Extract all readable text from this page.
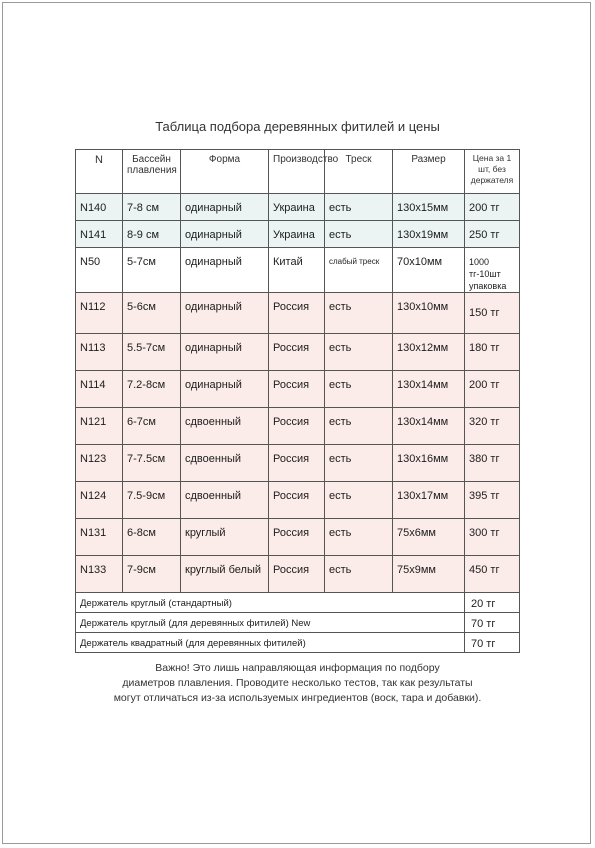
Таблица подбора деревянных фитилей и цены
N	Бассейн плавления	Форма	Производство	Треск	Размер	Цена за 1 шт, без держателя
N140	7-8 см	одинарный	Украина	есть	130х15мм	200 тг
N141	8-9 см	одинарный	Украина	есть	130х19мм	250 тг
N50	5-7см	одинарный	Китай	слабый треск	70х10мм	1000 тг-10шт упаковка
N112	5-6см	одинарный	Россия	есть	130х10мм	150 тг
N113	5.5-7см	одинарный	Россия	есть	130х12мм	180 тг
N114	7.2-8см	одинарный	Россия	есть	130х14мм	200 тг
N121	6-7см	сдвоенный	Россия	есть	130х14мм	320 тг
N123	7-7.5см	сдвоенный	Россия	есть	130х16мм	380 тг
N124	7.5-9см	сдвоенный	Россия	есть	130х17мм	395 тг
N131	6-8см	круглый	Россия	есть	75х6мм	300 тг
N133	7-9см	круглый белый	Россия	есть	75х9мм	450 тг
Держатель круглый (стандартный)						20 тг
Держатель круглый (для деревянных фитилей) New						70 тг
Держатель квадратный (для деревянных фитилей)						70 тг
Важно! Это лишь направляющая информация по подбору
диаметров плавления. Проводите несколько тестов, так как результаты
могут отличаться из-за используемых ингредиентов (воск, тара и добавки).
